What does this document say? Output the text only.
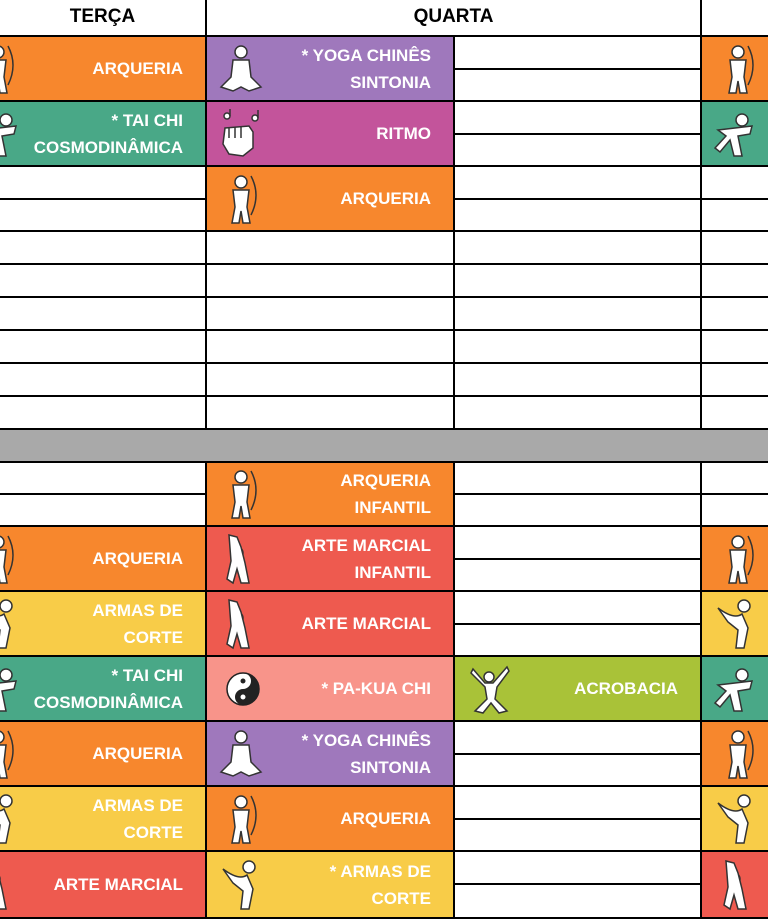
TERÇA	QUARTA
ARQUERIA
* TAI CHI
COSMODINÂMICA
* YOGA CHINÊS
SINTONIA
RITMO
ARQUERIA
ARQUERIA
ARMAS DE
CORTE
* TAI CHI
COSMODINÂMICA
ARQUERIA
ARMAS DE
CORTE
ARTE MARCIAL
ARQUERIA
INFANTIL
ARTE MARCIAL
INFANTIL
ARTE MARCIAL
* PA-KUA CHI
* YOGA CHINÊS
SINTONIA
ARQUERIA
* ARMAS DE
CORTE
ACROBACIA
